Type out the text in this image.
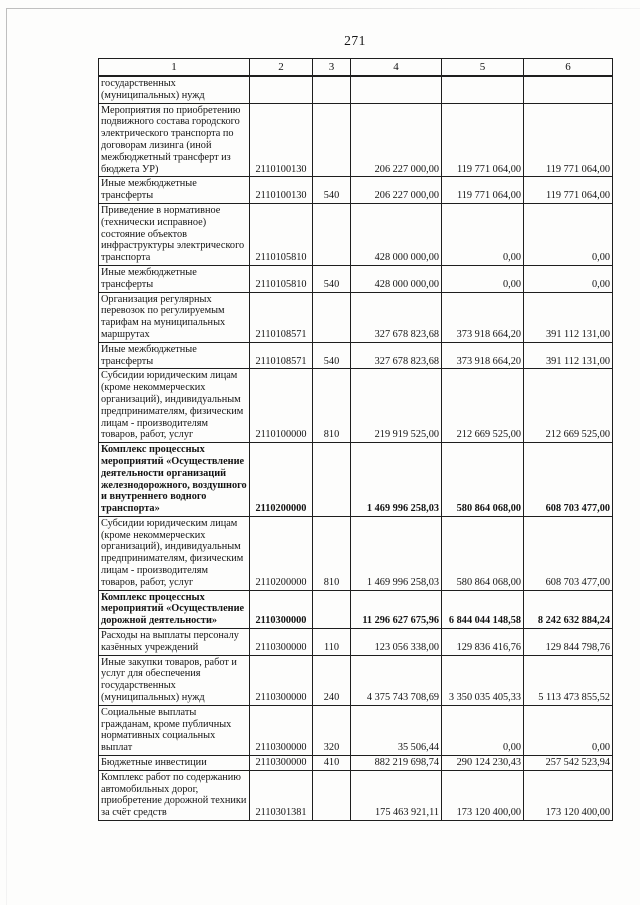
271
1	2	3	4	5	6
государственных (муниципальных) нужд					
Мероприятия по приобретению подвижного состава городского электрического транспорта по договорам лизинга (иной межбюджетный трансферт из бюджета УР)	2110100130		206 227 000,00	119 771 064,00	119 771 064,00
Иные межбюджетные трансферты	2110100130	540	206 227 000,00	119 771 064,00	119 771 064,00
Приведение в нормативное (технически исправное) состояние объектов инфраструктуры электрического транспорта	2110105810		428 000 000,00	0,00	0,00
Иные межбюджетные трансферты	2110105810	540	428 000 000,00	0,00	0,00
Организация регулярных перевозок по регулируемым тарифам на муниципальных маршрутах	2110108571		327 678 823,68	373 918 664,20	391 112 131,00
Иные межбюджетные трансферты	2110108571	540	327 678 823,68	373 918 664,20	391 112 131,00
Субсидии юридическим лицам (кроме некоммерческих организаций), индивидуальным предпринимателям, физическим лицам - производителям товаров, работ, услуг	2110100000	810	219 919 525,00	212 669 525,00	212 669 525,00
Комплекс процессных мероприятий «Осуществление деятельности организаций железнодорожного, воздушного и внутреннего водного транспорта»	2110200000		1 469 996 258,03	580 864 068,00	608 703 477,00
Субсидии юридическим лицам (кроме некоммерческих организаций), индивидуальным предпринимателям, физическим лицам - производителям товаров, работ, услуг	2110200000	810	1 469 996 258,03	580 864 068,00	608 703 477,00
Комплекс процессных мероприятий «Осуществление дорожной деятельности»	2110300000		11 296 627 675,96	6 844 044 148,58	8 242 632 884,24
Расходы на выплаты персоналу казённых учреждений	2110300000	110	123 056 338,00	129 836 416,76	129 844 798,76
Иные закупки товаров, работ и услуг для обеспечения государственных (муниципальных) нужд	2110300000	240	4 375 743 708,69	3 350 035 405,33	5 113 473 855,52
Социальные выплаты гражданам, кроме публичных нормативных социальных выплат	2110300000	320	35 506,44	0,00	0,00
Бюджетные инвестиции	2110300000	410	882 219 698,74	290 124 230,43	257 542 523,94
Комплекс работ по содержанию автомобильных дорог, приобретение дорожной техники за счёт средств	2110301381		175 463 921,11	173 120 400,00	173 120 400,00
